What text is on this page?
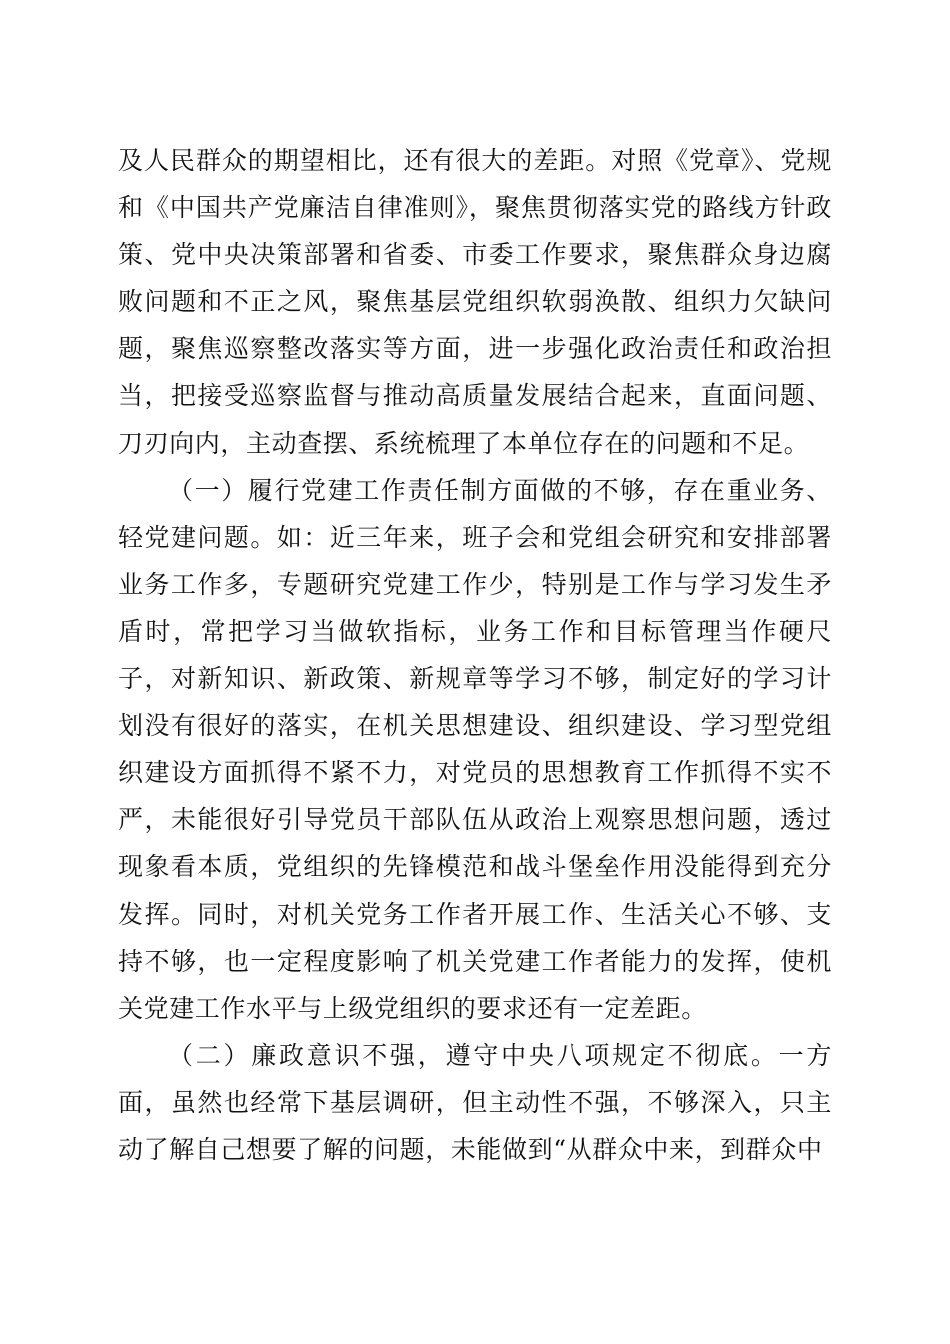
及人民群众的期望相比，还有很大的差距。对照《党章》、党规和《中国共产党廉洁自律准则》，聚焦贯彻落实党的路线方针政策、党中央决策部署和省委、市委工作要求，聚焦群众身边腐败问题和不正之风，聚焦基层党组织软弱涣散、组织力欠缺问题，聚焦巡察整改落实等方面，进一步强化政治责任和政治担当，把接受巡察监督与推动高质量发展结合起来，直面问题、刀刃向内，主动查摆、系统梳理了本单位存在的问题和不足。

（一）履行党建工作责任制方面做的不够，存在重业务、轻党建问题。如：近三年来，班子会和党组会研究和安排部署业务工作多，专题研究党建工作少，特别是工作与学习发生矛盾时，常把学习当做软指标，业务工作和目标管理当作硬尺子，对新知识、新政策、新规章等学习不够，制定好的学习计划没有很好的落实，在机关思想建设、组织建设、学习型党组织建设方面抓得不紧不力，对党员的思想教育工作抓得不实不严，未能很好引导党员干部队伍从政治上观察思想问题，透过现象看本质，党组织的先锋模范和战斗堡垒作用没能得到充分发挥。同时，对机关党务工作者开展工作、生活关心不够、支持不够，也一定程度影响了机关党建工作者能力的发挥，使机关党建工作水平与上级党组织的要求还有一定差距。

（二）廉政意识不强，遵守中央八项规定不彻底。一方面，虽然也经常下基层调研，但主动性不强，不够深入，只主动了解自己想要了解的问题，未能做到“从群众中来，到群众中
